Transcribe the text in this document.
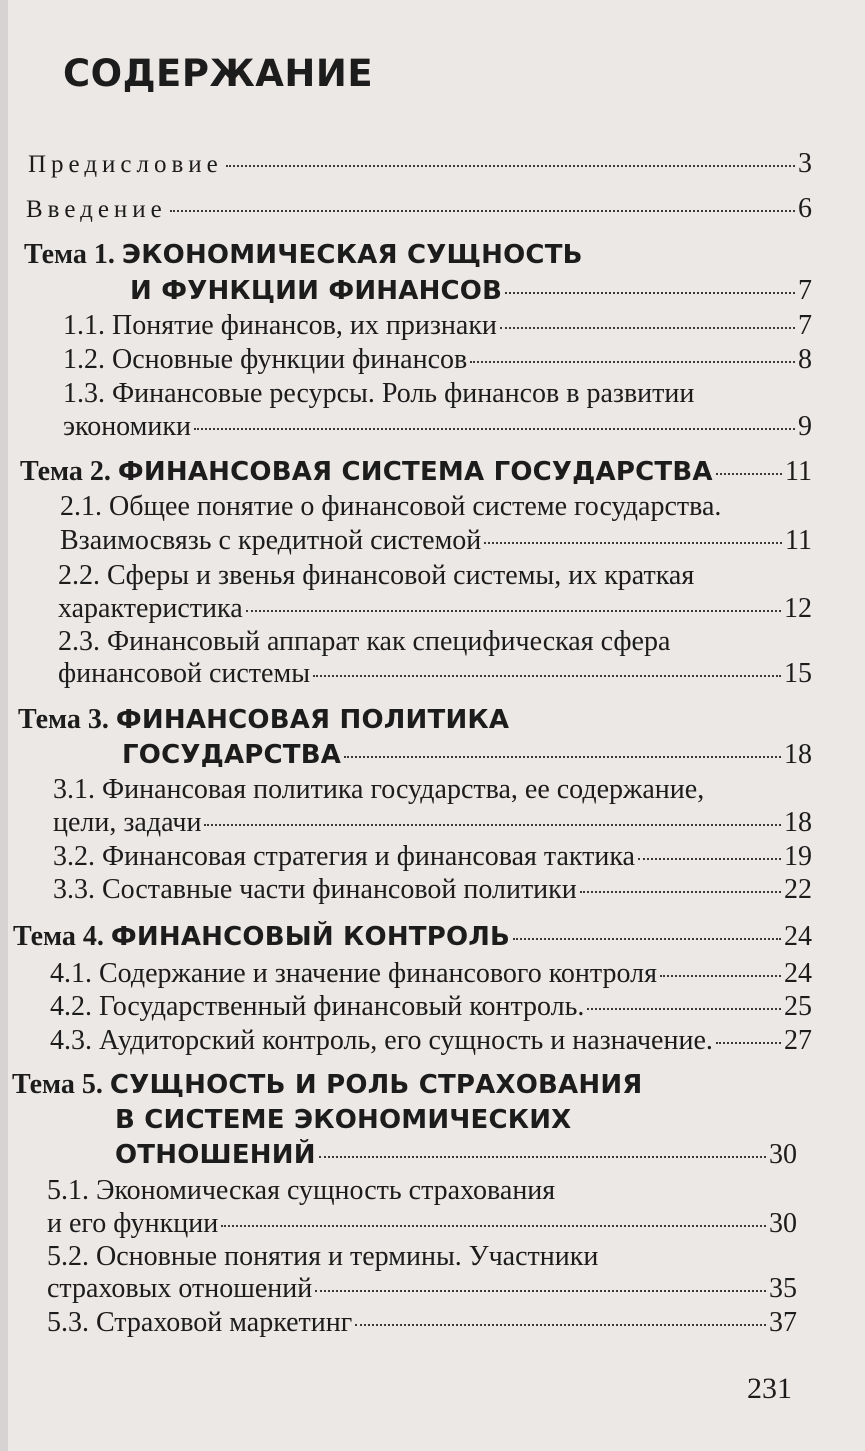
СОДЕРЖАНИЕ
Предисловие	3
Введение	6
Тема 1. ЭКОНОМИЧЕСКАЯ СУЩНОСТЬ
И ФУНКЦИИ ФИНАНСОВ	7
1.1. Понятие финансов, их признаки	7
1.2. Основные функции финансов	8
1.3. Финансовые ресурсы. Роль финансов в развитии
экономики	9
Тема 2. ФИНАНСОВАЯ СИСТЕМА ГОСУДАРСТВА	11
2.1. Общее понятие о финансовой системе государства.
Взаимосвязь с кредитной системой	11
2.2. Сферы и звенья финансовой системы, их краткая
характеристика	12
2.3. Финансовый аппарат как специфическая сфера
финансовой системы	15
Тема 3. ФИНАНСОВАЯ ПОЛИТИКА
ГОСУДАРСТВА	18
3.1. Финансовая политика государства, ее содержание,
цели, задачи	18
3.2. Финансовая стратегия и финансовая тактика	19
3.3. Составные части финансовой политики	22
Тема 4. ФИНАНСОВЫЙ КОНТРОЛЬ	24
4.1. Содержание и значение финансового контроля	24
4.2. Государственный финансовый контроль.	25
4.3. Аудиторский контроль, его сущность и назначение.	27
Тема 5. СУЩНОСТЬ И РОЛЬ СТРАХОВАНИЯ
В СИСТЕМЕ ЭКОНОМИЧЕСКИХ
ОТНОШЕНИЙ	30
5.1. Экономическая сущность страхования
и его функции	30
5.2. Основные понятия и термины. Участники
страховых отношений	35
5.3. Страховой маркетинг	37
231
